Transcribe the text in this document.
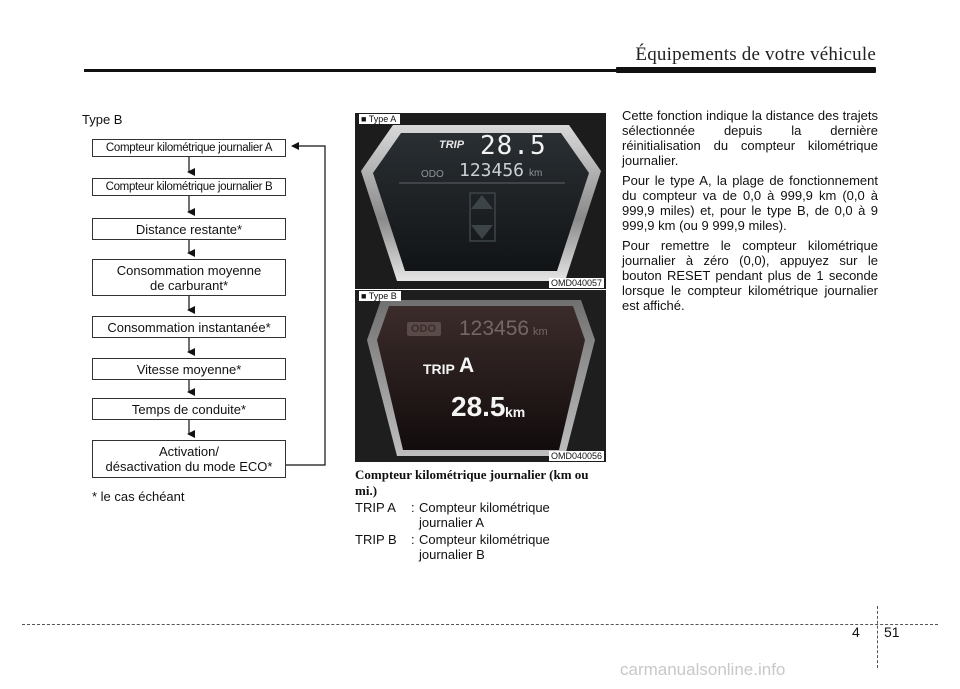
Équipements de votre véhicule
Type B
Compteur kilométrique journalier A
Compteur kilométrique journalier B
Distance restante*
Consommation moyenne
de carburant*
Consommation instantanée*
Vitesse moyenne*
Temps de conduite*
Activation/
désactivation du mode ECO*
* le cas échéant
TRIP 28.5
ODO 123456 km
■ Type A
OMD040057
ODO 123456 km
TRIP A
28.5 km
■ Type B
OMD040056
Compteur kilométrique journalier (km ou mi.)
TRIP A : Compteur kilométrique journalier A
TRIP B : Compteur kilométrique journalier B

Cette fonction indique la distance des trajets sélectionnée depuis la dernière réinitialisation du compteur kilométrique journalier.

Pour le type A, la plage de fonctionnement du compteur va de 0,0 à 999,9 km (0,0 à 999,9 miles) et, pour le type B, de 0,0 à 9 999,9 km (ou 9 999,9 miles).

Pour remettre le compteur kilométrique journalier à zéro (0,0), appuyez sur le bouton RESET pendant plus de 1 seconde lorsque le compteur kilométrique journalier est affiché.

4 51
carmanualsonline.info
